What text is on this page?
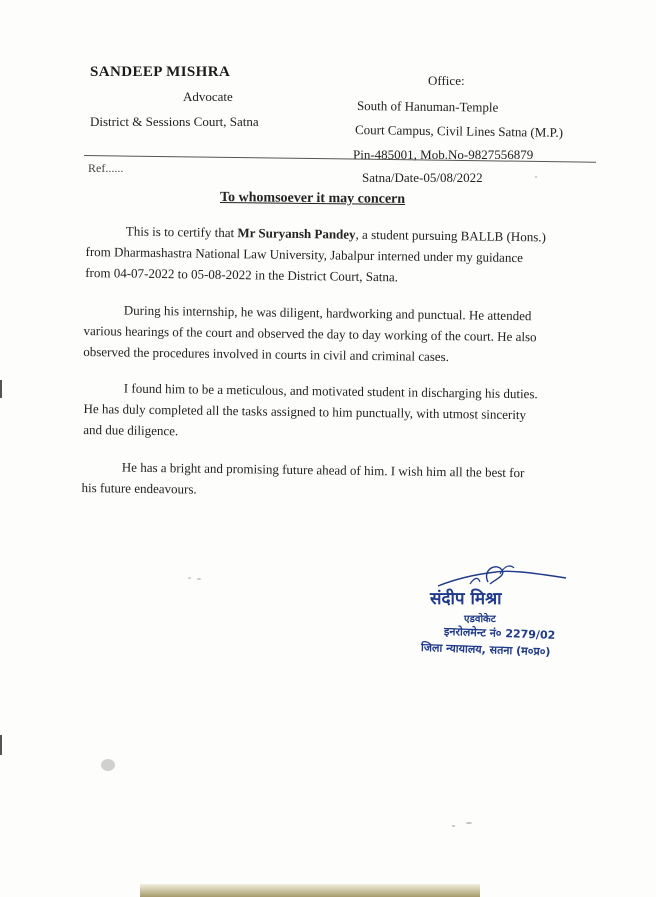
SANDEEP MISHRA
Advocate
District & Sessions Court, Satna
Office:
South of Hanuman-Temple
Court Campus, Civil Lines Satna (M.P.)
Pin-485001, Mob.No-9827556879
Ref......
Satna/Date-05/08/2022
To whomsoever it may concern
This is to certify that Mr Suryansh Pandey, a student pursuing BALLB (Hons.)
from Dharmashastra National Law University, Jabalpur interned under my guidance
from 04-07-2022 to 05-08-2022 in the District Court, Satna.
During his internship, he was diligent, hardworking and punctual. He attended
various hearings of the court and observed the day to day working of the court. He also
observed the procedures involved in courts in civil and criminal cases.
I found him to be a meticulous, and motivated student in discharging his duties.
He has duly completed all the tasks assigned to him punctually, with utmost sincerity
and due diligence.
He has a bright and promising future ahead of him. I wish him all the best for
his future endeavours.
संदीप मिश्रा
एडवोकेट
इनरोलमेन्ट नं० 2279/02
जिला न्यायालय, सतना (म०प्र०)
